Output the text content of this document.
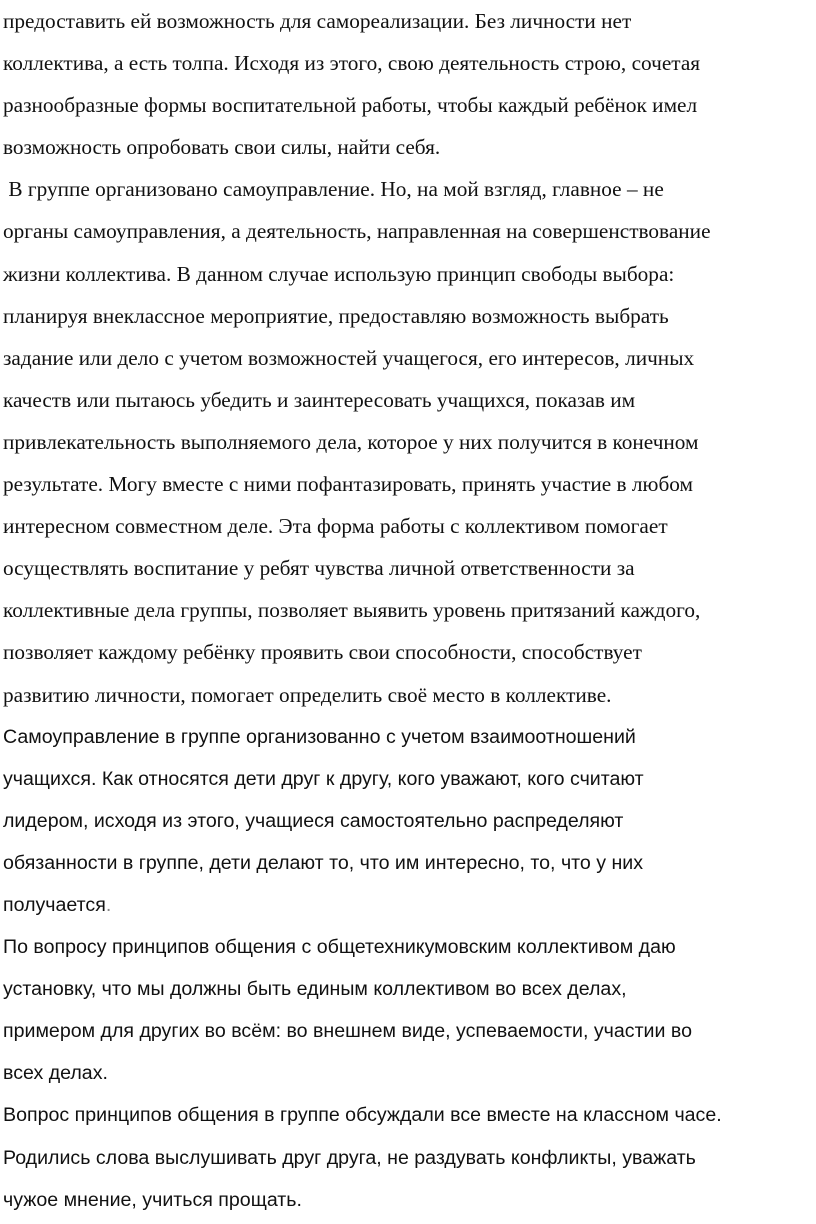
предоставить ей возможность для самореализации. Без личности нет
коллектива, а есть толпа. Исходя из этого, свою деятельность строю, сочетая
разнообразные формы воспитательной работы, чтобы каждый ребёнок имел
возможность опробовать свои силы, найти себя.
В группе организовано самоуправление. Но, на мой взгляд, главное – не
органы самоуправления, а деятельность, направленная на совершенствование
жизни коллектива. В данном случае использую принцип свободы выбора:
планируя внеклассное мероприятие, предоставляю возможность выбрать
задание или дело с учетом возможностей учащегося, его интересов, личных
качеств или пытаюсь убедить и заинтересовать учащихся, показав им
привлекательность выполняемого дела, которое у них получится в конечном
результате. Могу вместе с ними пофантазировать, принять участие в любом
интересном совместном деле. Эта форма работы с коллективом помогает
осуществлять воспитание у ребят чувства личной ответственности за
коллективные дела группы, позволяет выявить уровень притязаний каждого,
позволяет каждому ребёнку проявить свои способности, способствует
развитию личности, помогает определить своё место в коллективе.
Самоуправление в группе организованно с учетом взаимоотношений
учащихся. Как относятся дети друг к другу, кого уважают, кого считают
лидером, исходя из этого, учащиеся самостоятельно распределяют
обязанности в группе, дети делают то, что им интересно, то, что у них
получается.
По вопросу принципов общения с общетехникумовским коллективом даю
установку, что мы должны быть единым коллективом во всех делах,
примером для других во всём: во внешнем виде, успеваемости, участии во
всех делах.
Вопрос принципов общения в группе обсуждали все вместе на классном часе.
Родились слова выслушивать друг друга, не раздувать конфликты, уважать
чужое мнение, учиться прощать.
